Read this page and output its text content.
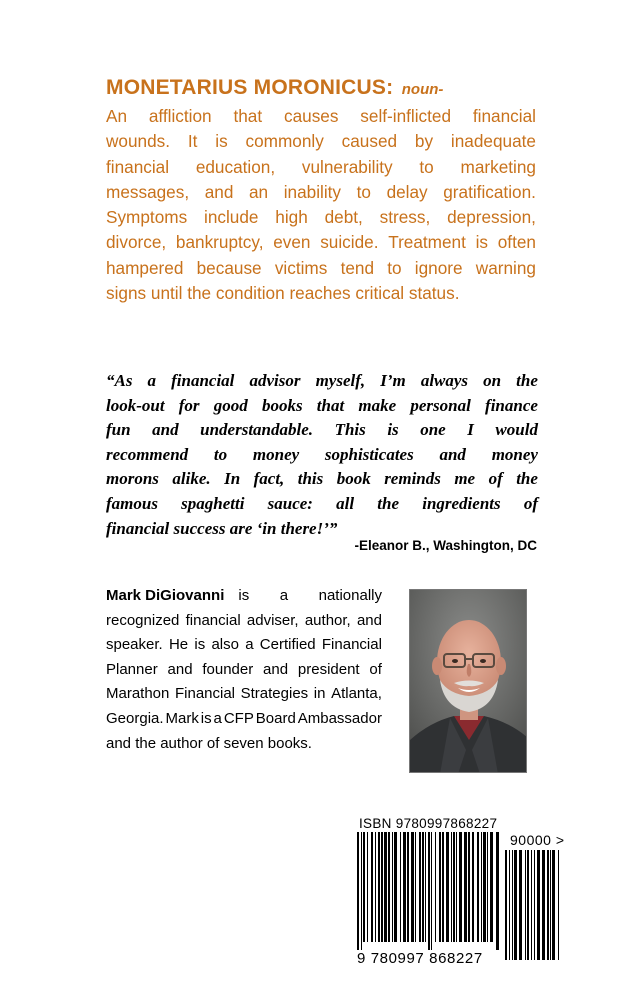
MONETARIUS MORONICUS: noun-

An affliction that causes self-inflicted financial
wounds. It is commonly caused by inadequate
financial education, vulnerability to marketing
messages, and an inability to delay gratification.
Symptoms include high debt, stress, depression,
divorce, bankruptcy, even suicide. Treatment is often
hampered because victims tend to ignore warning
signs until the condition reaches critical status.
“As a financial advisor myself, I’m always on the
look-out for good books that make personal finance
fun and understandable. This is one I would
recommend to money sophisticates and money
morons alike. In fact, this book reminds me of the
famous spaghetti sauce: all the ingredients of
financial success are ‘in there!’”
-Eleanor B., Washington, DC
Mark DiGiovanni is a nationally
recognized financial adviser, author, and
speaker. He is also a Certified Financial
Planner and founder and president of
Marathon Financial Strategies in Atlanta,
Georgia. Mark is a CFP Board Ambassador
and the author of seven books.
ISBN 9780997868227
90000 >
9 780997 868227
